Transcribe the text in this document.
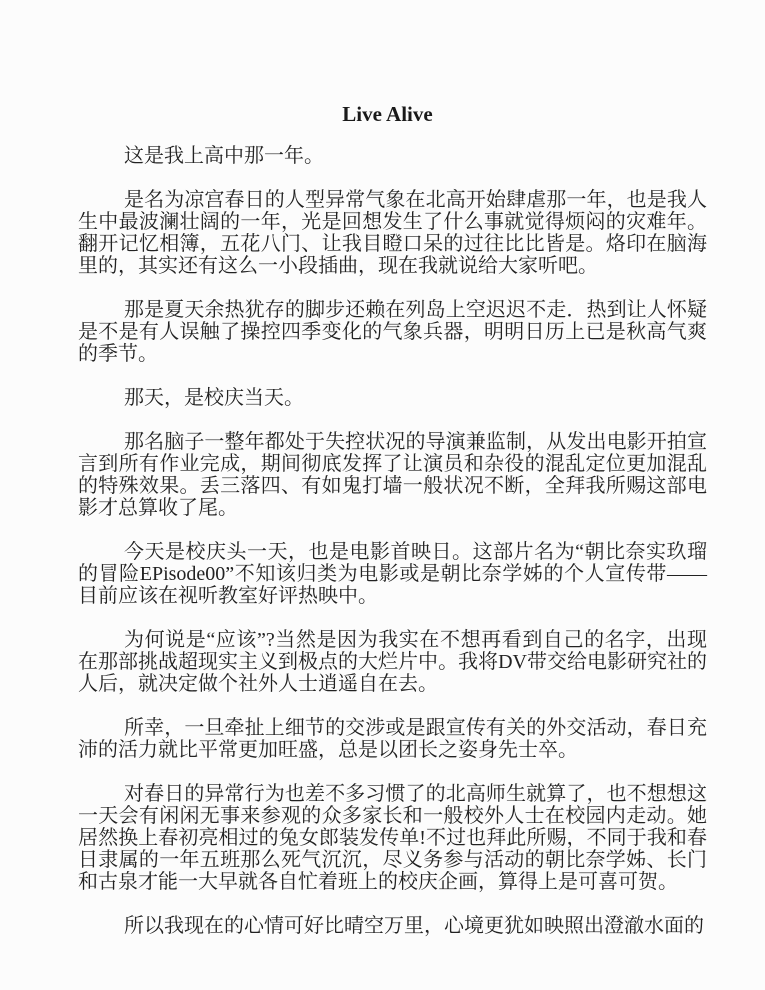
Live Alive

这是我上高中那一年。

是名为凉宫春日的人型异常气象在北高开始肆虐那一年，也是我人生中最波澜壮阔的一年，光是回想发生了什么事就觉得烦闷的灾难年。翻开记忆相簿，五花八门、让我目瞪口呆的过往比比皆是。烙印在脑海里的，其实还有这么一小段插曲，现在我就说给大家听吧。

那是夏天余热犹存的脚步还赖在列岛上空迟迟不走．热到让人怀疑是不是有人误触了操控四季变化的气象兵器，明明日历上已是秋高气爽的季节。

那天，是校庆当天。

那名脑子一整年都处于失控状况的导演兼监制，从发出电影开拍宣言到所有作业完成，期间彻底发挥了让演员和杂役的混乱定位更加混乱的特殊效果。丢三落四、有如鬼打墙一般状况不断，全拜我所赐这部电影才总算收了尾。

今天是校庆头一天，也是电影首映日。这部片名为“朝比奈实玖瑠的冒险EPisode00”不知该归类为电影或是朝比奈学姊的个人宣传带——目前应该在视听教室好评热映中。

为何说是“应该”?当然是因为我实在不想再看到自己的名字，出现在那部挑战超现实主义到极点的大烂片中。我将DV带交给电影研究社的人后，就决定做个社外人士逍遥自在去。

所幸，一旦牵扯上细节的交涉或是跟宣传有关的外交活动，春日充沛的活力就比平常更加旺盛，总是以团长之姿身先士卒。

对春日的异常行为也差不多习惯了的北高师生就算了，也不想想这一天会有闲闲无事来参观的众多家长和一般校外人士在校园内走动。她居然换上春初亮相过的兔女郎装发传单!不过也拜此所赐，不同于我和春日隶属的一年五班那么死气沉沉，尽义务参与活动的朝比奈学姊、长门和古泉才能一大早就各自忙着班上的校庆企画，算得上是可喜可贺。

所以我现在的心情可好比晴空万里，心境更犹如映照出澄澈水面的
